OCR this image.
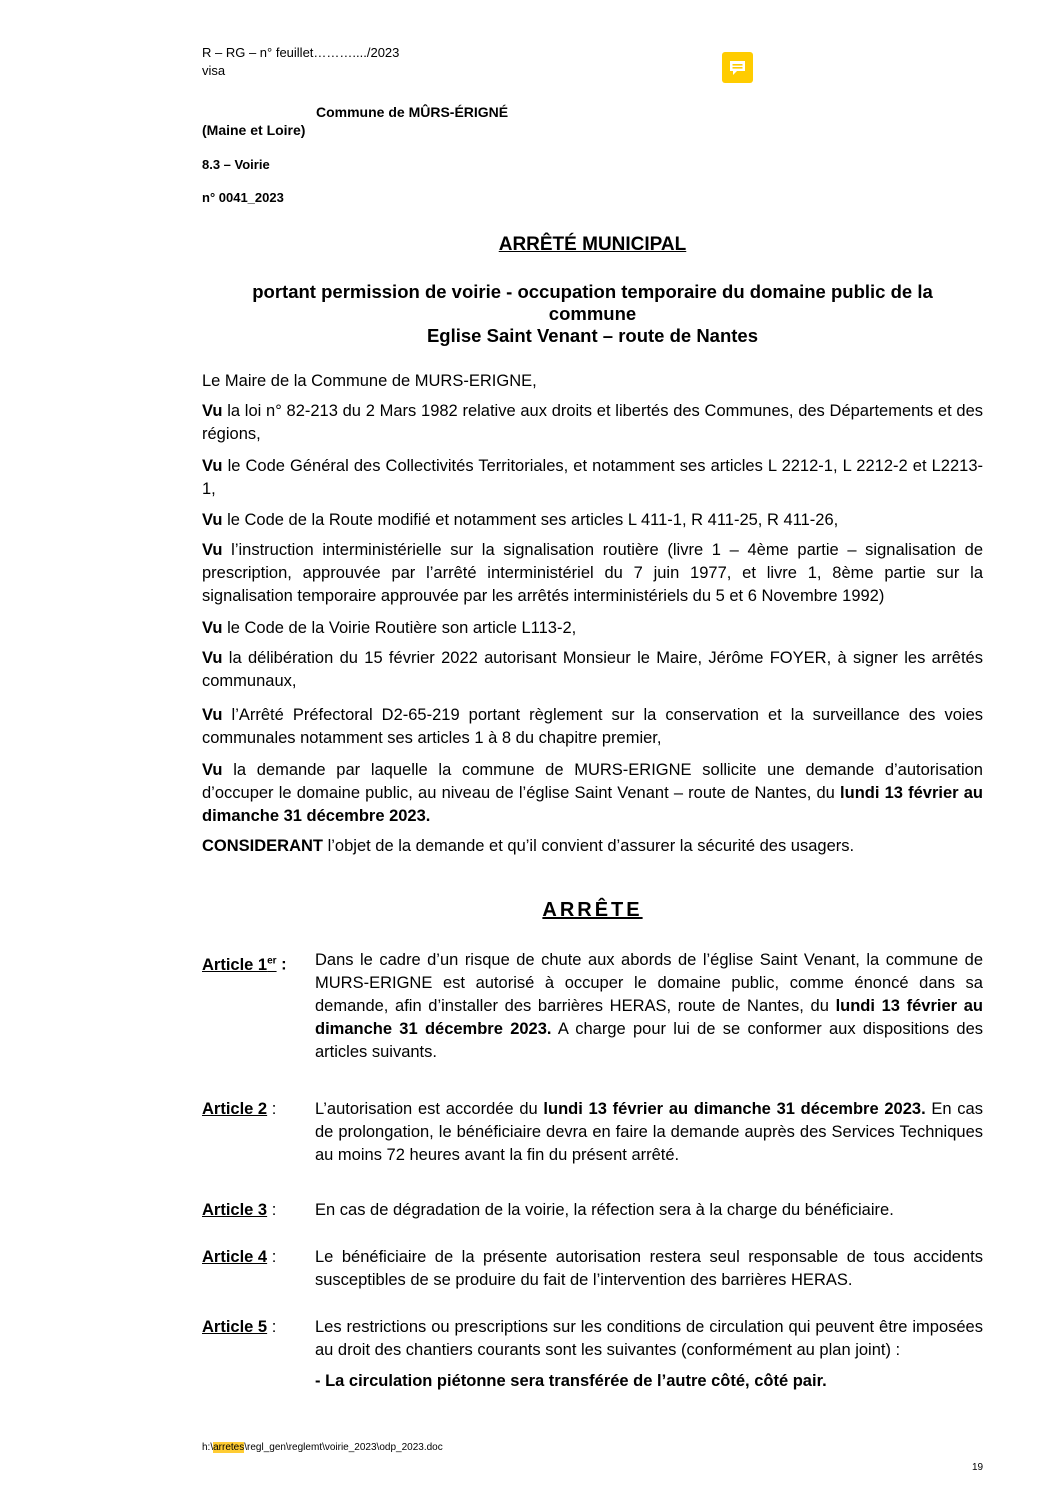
R – RG – n° feuillet………..../2023
visa
Commune de MÛRS-ÉRIGNÉ
(Maine et Loire)
8.3 – Voirie
n° 0041_2023
ARRÊTÉ MUNICIPAL
portant permission de voirie - occupation temporaire du domaine public de la
commune
Eglise Saint Venant – route de Nantes
Le Maire de la Commune de MURS-ERIGNE,
Vu la loi n° 82-213 du 2 Mars 1982 relative aux droits et libertés des Communes, des Départements et des régions,
Vu le Code Général des Collectivités Territoriales, et notamment ses articles L 2212-1, L 2212-2 et L2213-1,
Vu le Code de la Route modifié et notamment ses articles L 411-1, R 411-25, R 411-26,
Vu l’instruction interministérielle sur la signalisation routière (livre 1 – 4ème partie – signalisation de prescription, approuvée par l’arrêté interministériel du 7 juin 1977, et livre 1, 8ème partie sur la signalisation temporaire approuvée par les arrêtés interministériels du 5 et 6 Novembre 1992)
Vu le Code de la Voirie Routière son article L113-2,
Vu la délibération du 15 février 2022 autorisant Monsieur le Maire, Jérôme FOYER, à signer les arrêtés communaux,
Vu l’Arrêté Préfectoral D2-65-219 portant règlement sur la conservation et la surveillance des voies communales notamment ses articles 1 à 8 du chapitre premier,
Vu la demande par laquelle la commune de MURS-ERIGNE sollicite une demande d’autorisation d’occuper le domaine public, au niveau de l’église Saint Venant – route de Nantes, du lundi 13 février au dimanche 31 décembre 2023.
CONSIDERANT l’objet de la demande et qu’il convient d’assurer la sécurité des usagers.
ARRÊTE
Article 1er : Dans le cadre d’un risque de chute aux abords de l’église Saint Venant, la commune de MURS-ERIGNE est autorisé à occuper le domaine public, comme énoncé dans sa demande, afin d’installer des barrières HERAS, route de Nantes, du lundi 13 février au dimanche 31 décembre 2023. A charge pour lui de se conformer aux dispositions des articles suivants.
Article 2 : L’autorisation est accordée du lundi 13 février au dimanche 31 décembre 2023. En cas de prolongation, le bénéficiaire devra en faire la demande auprès des Services Techniques au moins 72 heures avant la fin du présent arrêté.
Article 3 : En cas de dégradation de la voirie, la réfection sera à la charge du bénéficiaire.
Article 4 : Le bénéficiaire de la présente autorisation restera seul responsable de tous accidents susceptibles de se produire du fait de l’intervention des barrières HERAS.
Article 5 : Les restrictions ou prescriptions sur les conditions de circulation qui peuvent être imposées au droit des chantiers courants sont les suivantes (conformément au plan joint) :
- La circulation piétonne sera transférée de l’autre côté, côté pair.
h:\arretes\regl_gen\reglemt\voirie_2023\odp_2023.doc
19
